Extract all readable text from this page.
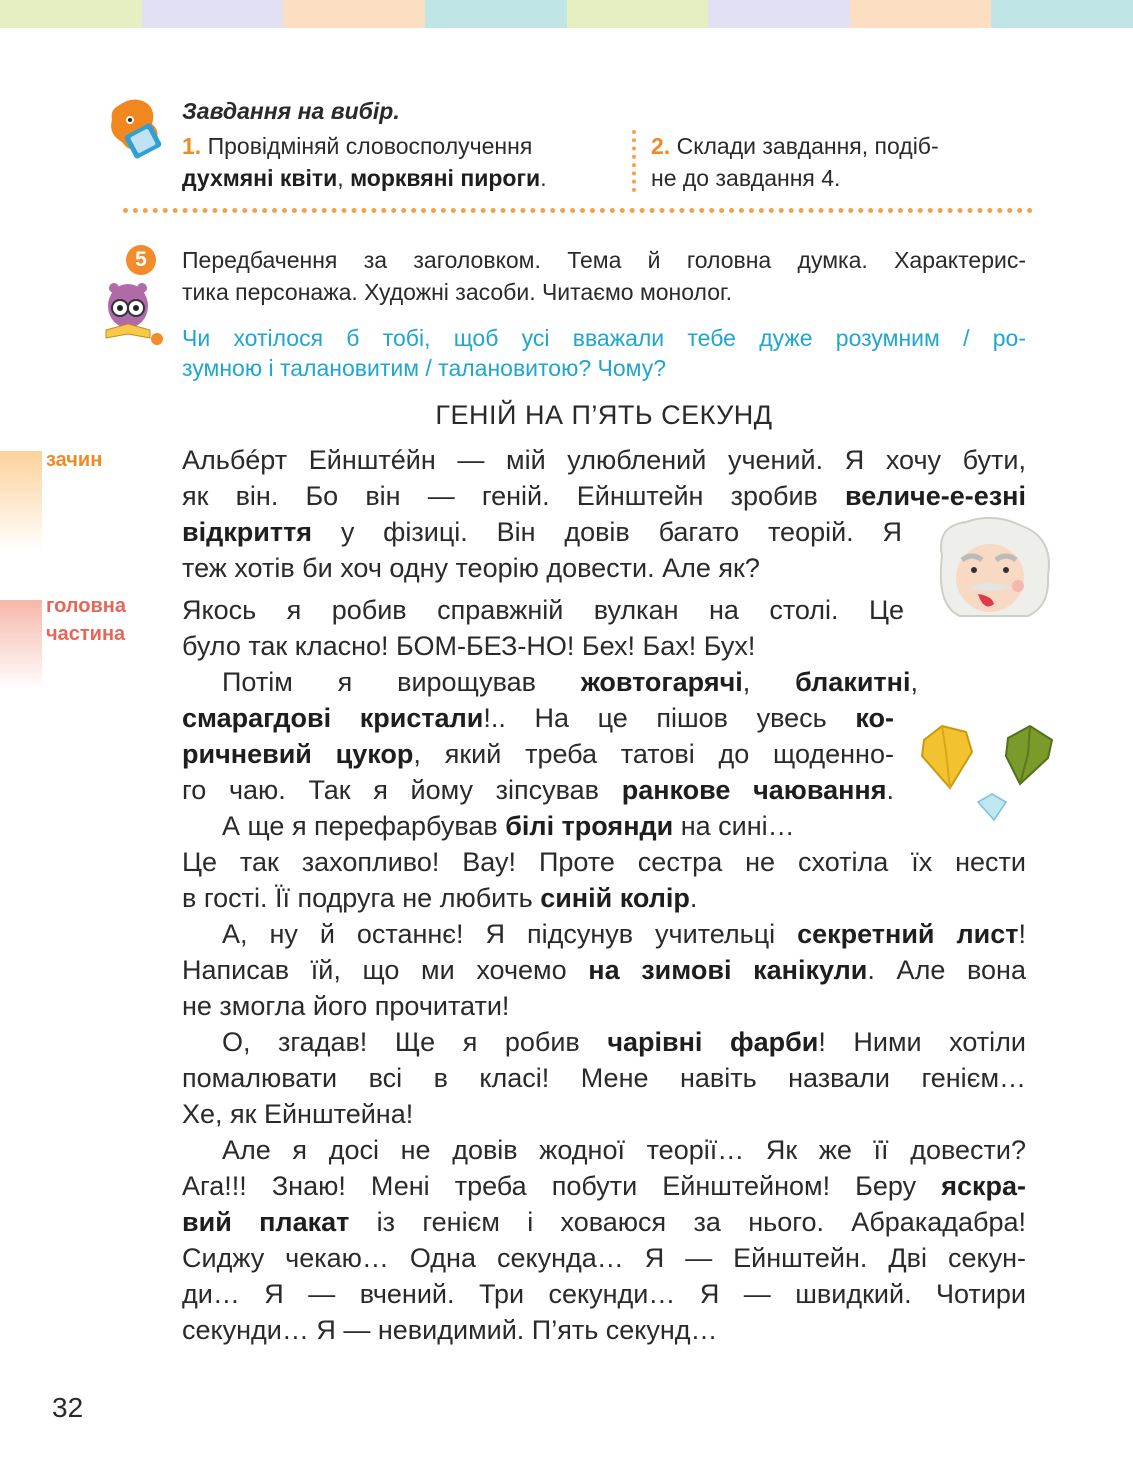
Завдання на вибір.
1. Провідміняй словосполучення
духмяні квіти, морквяні пироги.
2. Склади завдання, подіб-
не до завдання 4.
5	Передбачення за заголовком. Тема й головна думка. Характерис-
тика персонажа. Художні засоби. Читаємо монолог.
Чи хотілося б тобі, щоб усі вважали тебе дуже розумним / ро-
зумною і талановитим / талановитою? Чому?
ГЕНІЙ НА П’ЯТЬ СЕКУНД
зачин
головна
частина
Альбéрт Ейнштéйн — мій улюблений учений. Я хочу бути,
як він. Бо він — геній. Ейнштейн зробив величе-е-езні
відкриття у фізиці. Він довів багато теорій. Я
теж хотів би хоч одну теорію довести. Але як?
Якось я робив справжній вулкан на столі. Це
було так класно! БОМ-БЕЗ-НО! Бех! Бах! Бух!
Потім я вирощував жовтогарячі, блакитні,
смарагдові кристали!.. На це пішов увесь ко-
ричневий цукор, який треба татові до щоденно-
го чаю. Так я йому зіпсував ранкове чаювання.
А ще я перефарбував білі троянди на сині…
Це так захопливо! Вау! Проте сестра не схотіла їх нести
в гості. Її подруга не любить синій колір.
А, ну й останнє! Я підсунув учительці секретний лист!
Написав їй, що ми хочемо на зимові канікули. Але вона
не змогла його прочитати!
О, згадав! Ще я робив чарівні фарби! Ними хотіли
помалювати всі в класі! Мене навіть назвали генієм…
Хе, як Ейнштейна!
Але я досі не довів жодної теорії… Як же її довести?
Ага!!! Знаю! Мені треба побути Ейнштейном! Беру яскра-
вий плакат із генієм і ховаюся за нього. Абракадабра!
Сиджу чекаю… Одна секунда… Я — Ейнштейн. Дві секун-
ди… Я — вчений. Три секунди… Я — швидкий. Чотири
секунди… Я — невидимий. П’ять секунд…
32
